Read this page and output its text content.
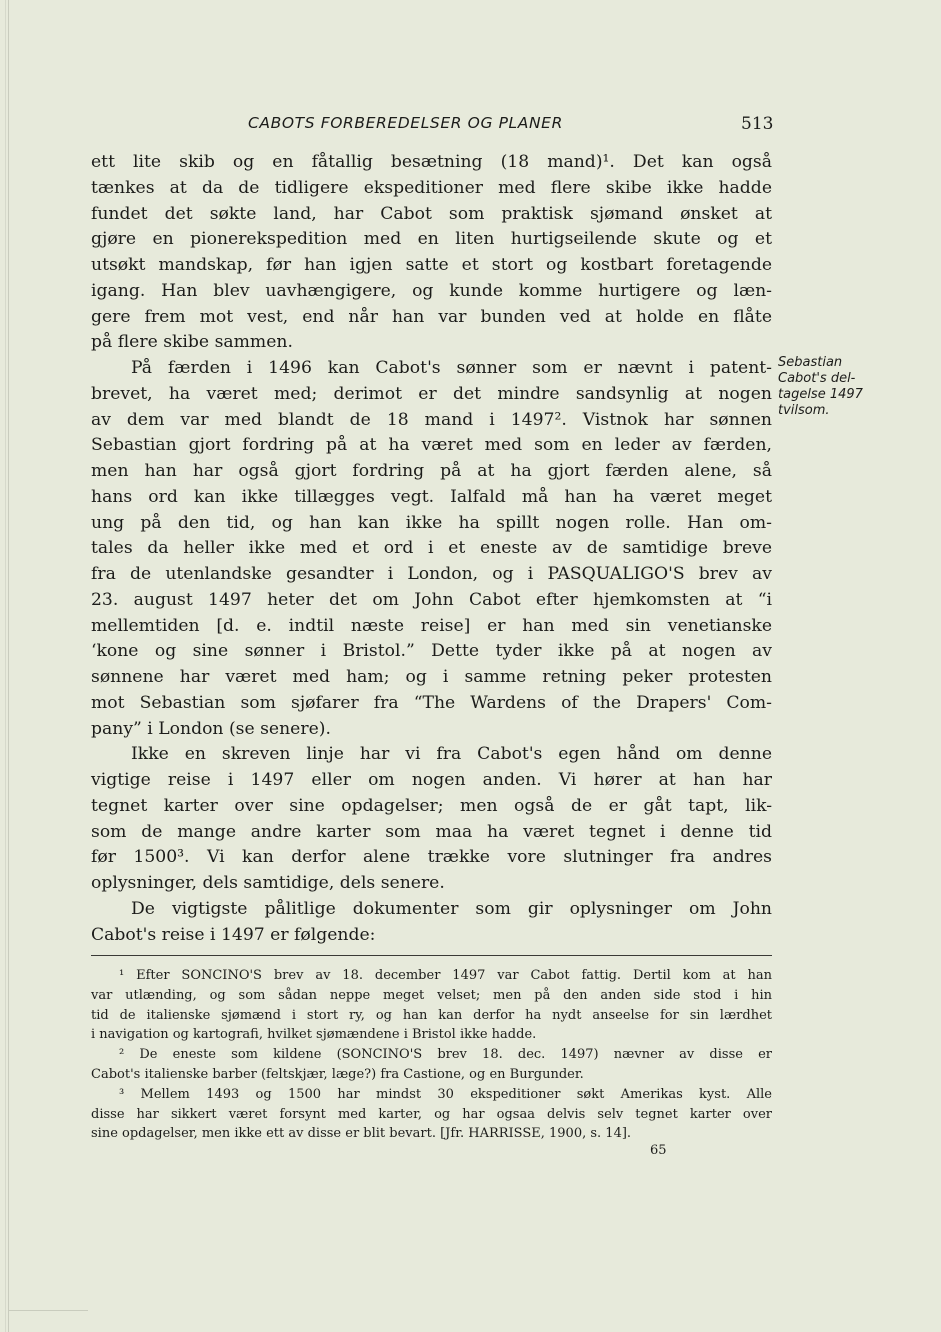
CABOTS FORBEREDELSER OG PLANER	513
ett lite skib og en fåtallig besætning (18 mand)¹. Det kan også
tænkes at da de tidligere ekspeditioner med flere skibe ikke hadde
fundet det søkte land, har Cabot som praktisk sjømand ønsket at
gjøre en pionerekspedition med en liten hurtigseilende skute og et
utsøkt mandskap, før han igjen satte et stort og kostbart foretagende
igang. Han blev uavhængigere, og kunde komme hurtigere og læn-
gere frem mot vest, end når han var bunden ved at holde en flåte
på flere skibe sammen.
På færden i 1496 kan Cabot's sønner som er nævnt i patent-
brevet, ha været med; derimot er det mindre sandsynlig at nogen
av dem var med blandt de 18 mand i 1497². Vistnok har sønnen
Sebastian gjort fordring på at ha været med som en leder av færden,
men han har også gjort fordring på at ha gjort færden alene, så
hans ord kan ikke tillægges vegt. Ialfald må han ha været meget
ung på den tid, og han kan ikke ha spillt nogen rolle. Han om-
tales da heller ikke med et ord i et eneste av de samtidige breve
fra de utenlandske gesandter i London, og i PASQUALIGO'S brev av
23. august 1497 heter det om John Cabot efter hjemkomsten at “i
mellemtiden [d. e. indtil næste reise] er han med sin venetianske
‘kone og sine sønner i Bristol.” Dette tyder ikke på at nogen av
sønnene har været med ham; og i samme retning peker protesten
mot Sebastian som sjøfarer fra “The Wardens of the Drapers' Com-
pany” i London (se senere).
Ikke en skreven linje har vi fra Cabot's egen hånd om denne
vigtige reise i 1497 eller om nogen anden. Vi hører at han har
tegnet karter over sine opdagelser; men også de er gåt tapt, lik-
som de mange andre karter som maa ha været tegnet i denne tid
før 1500³. Vi kan derfor alene trække vore slutninger fra andres
oplysninger, dels samtidige, dels senere.
De vigtigste pålitlige dokumenter som gir oplysninger om John
Cabot's reise i 1497 er følgende:
Sebastian
Cabot's del-
tagelse 1497
tvilsom.
¹ Efter SONCINO'S brev av 18. december 1497 var Cabot fattig. Dertil kom at han
var utlænding, og som sådan neppe meget velset; men på den anden side stod i hin
tid de italienske sjømænd i stort ry, og han kan derfor ha nydt anseelse for sin lærdhet
i navigation og kartografi, hvilket sjømændene i Bristol ikke hadde.
² De eneste som kildene (SONCINO'S brev 18. dec. 1497) nævner av disse er
Cabot's italienske barber (feltskjær, læge?) fra Castione, og en Burgunder.
³ Mellem 1493 og 1500 har mindst 30 ekspeditioner søkt Amerikas kyst. Alle
disse har sikkert været forsynt med karter, og har ogsaa delvis selv tegnet karter over
sine opdagelser, men ikke ett av disse er blit bevart. [Jfr. HARRISSE, 1900, s. 14].
65
